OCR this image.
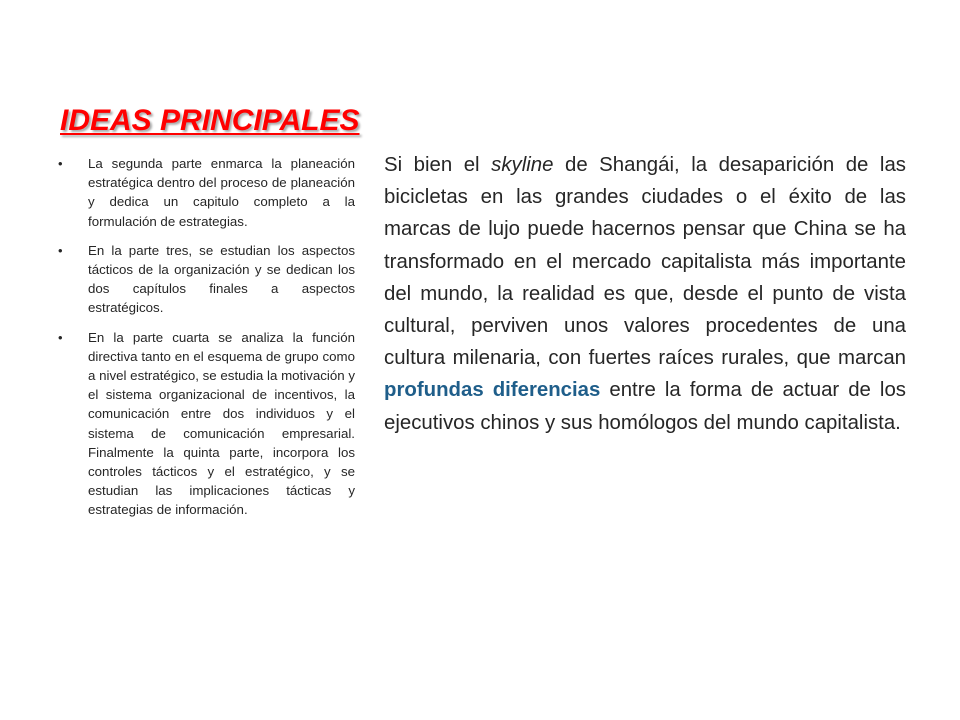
IDEAS PRINCIPALES
• La segunda parte enmarca la planeación estratégica dentro del proceso de planeación y dedica un capitulo completo a la formulación de estrategias.
• En la parte tres, se estudian los aspectos tácticos de la organización y se dedican los dos capítulos finales a aspectos estratégicos.
• En la parte cuarta se analiza la función directiva tanto en el esquema de grupo como a nivel estratégico, se estudia la motivación y el sistema organizacional de incentivos, la comunicación entre dos individuos y el sistema de comunicación empresarial. Finalmente la quinta parte, incorpora los controles tácticos y el estratégico, y se estudian las implicaciones tácticas y estrategias de información.

Si bien el skyline de Shangái, la desaparición de las bicicletas en las grandes ciudades o el éxito de las marcas de lujo puede hacernos pensar que China se ha transformado en el mercado capitalista más importante del mundo, la realidad es que, desde el punto de vista cultural, perviven unos valores procedentes de una cultura milenaria, con fuertes raíces rurales, que marcan profundas diferencias entre la forma de actuar de los ejecutivos chinos y sus homólogos del mundo capitalista.
